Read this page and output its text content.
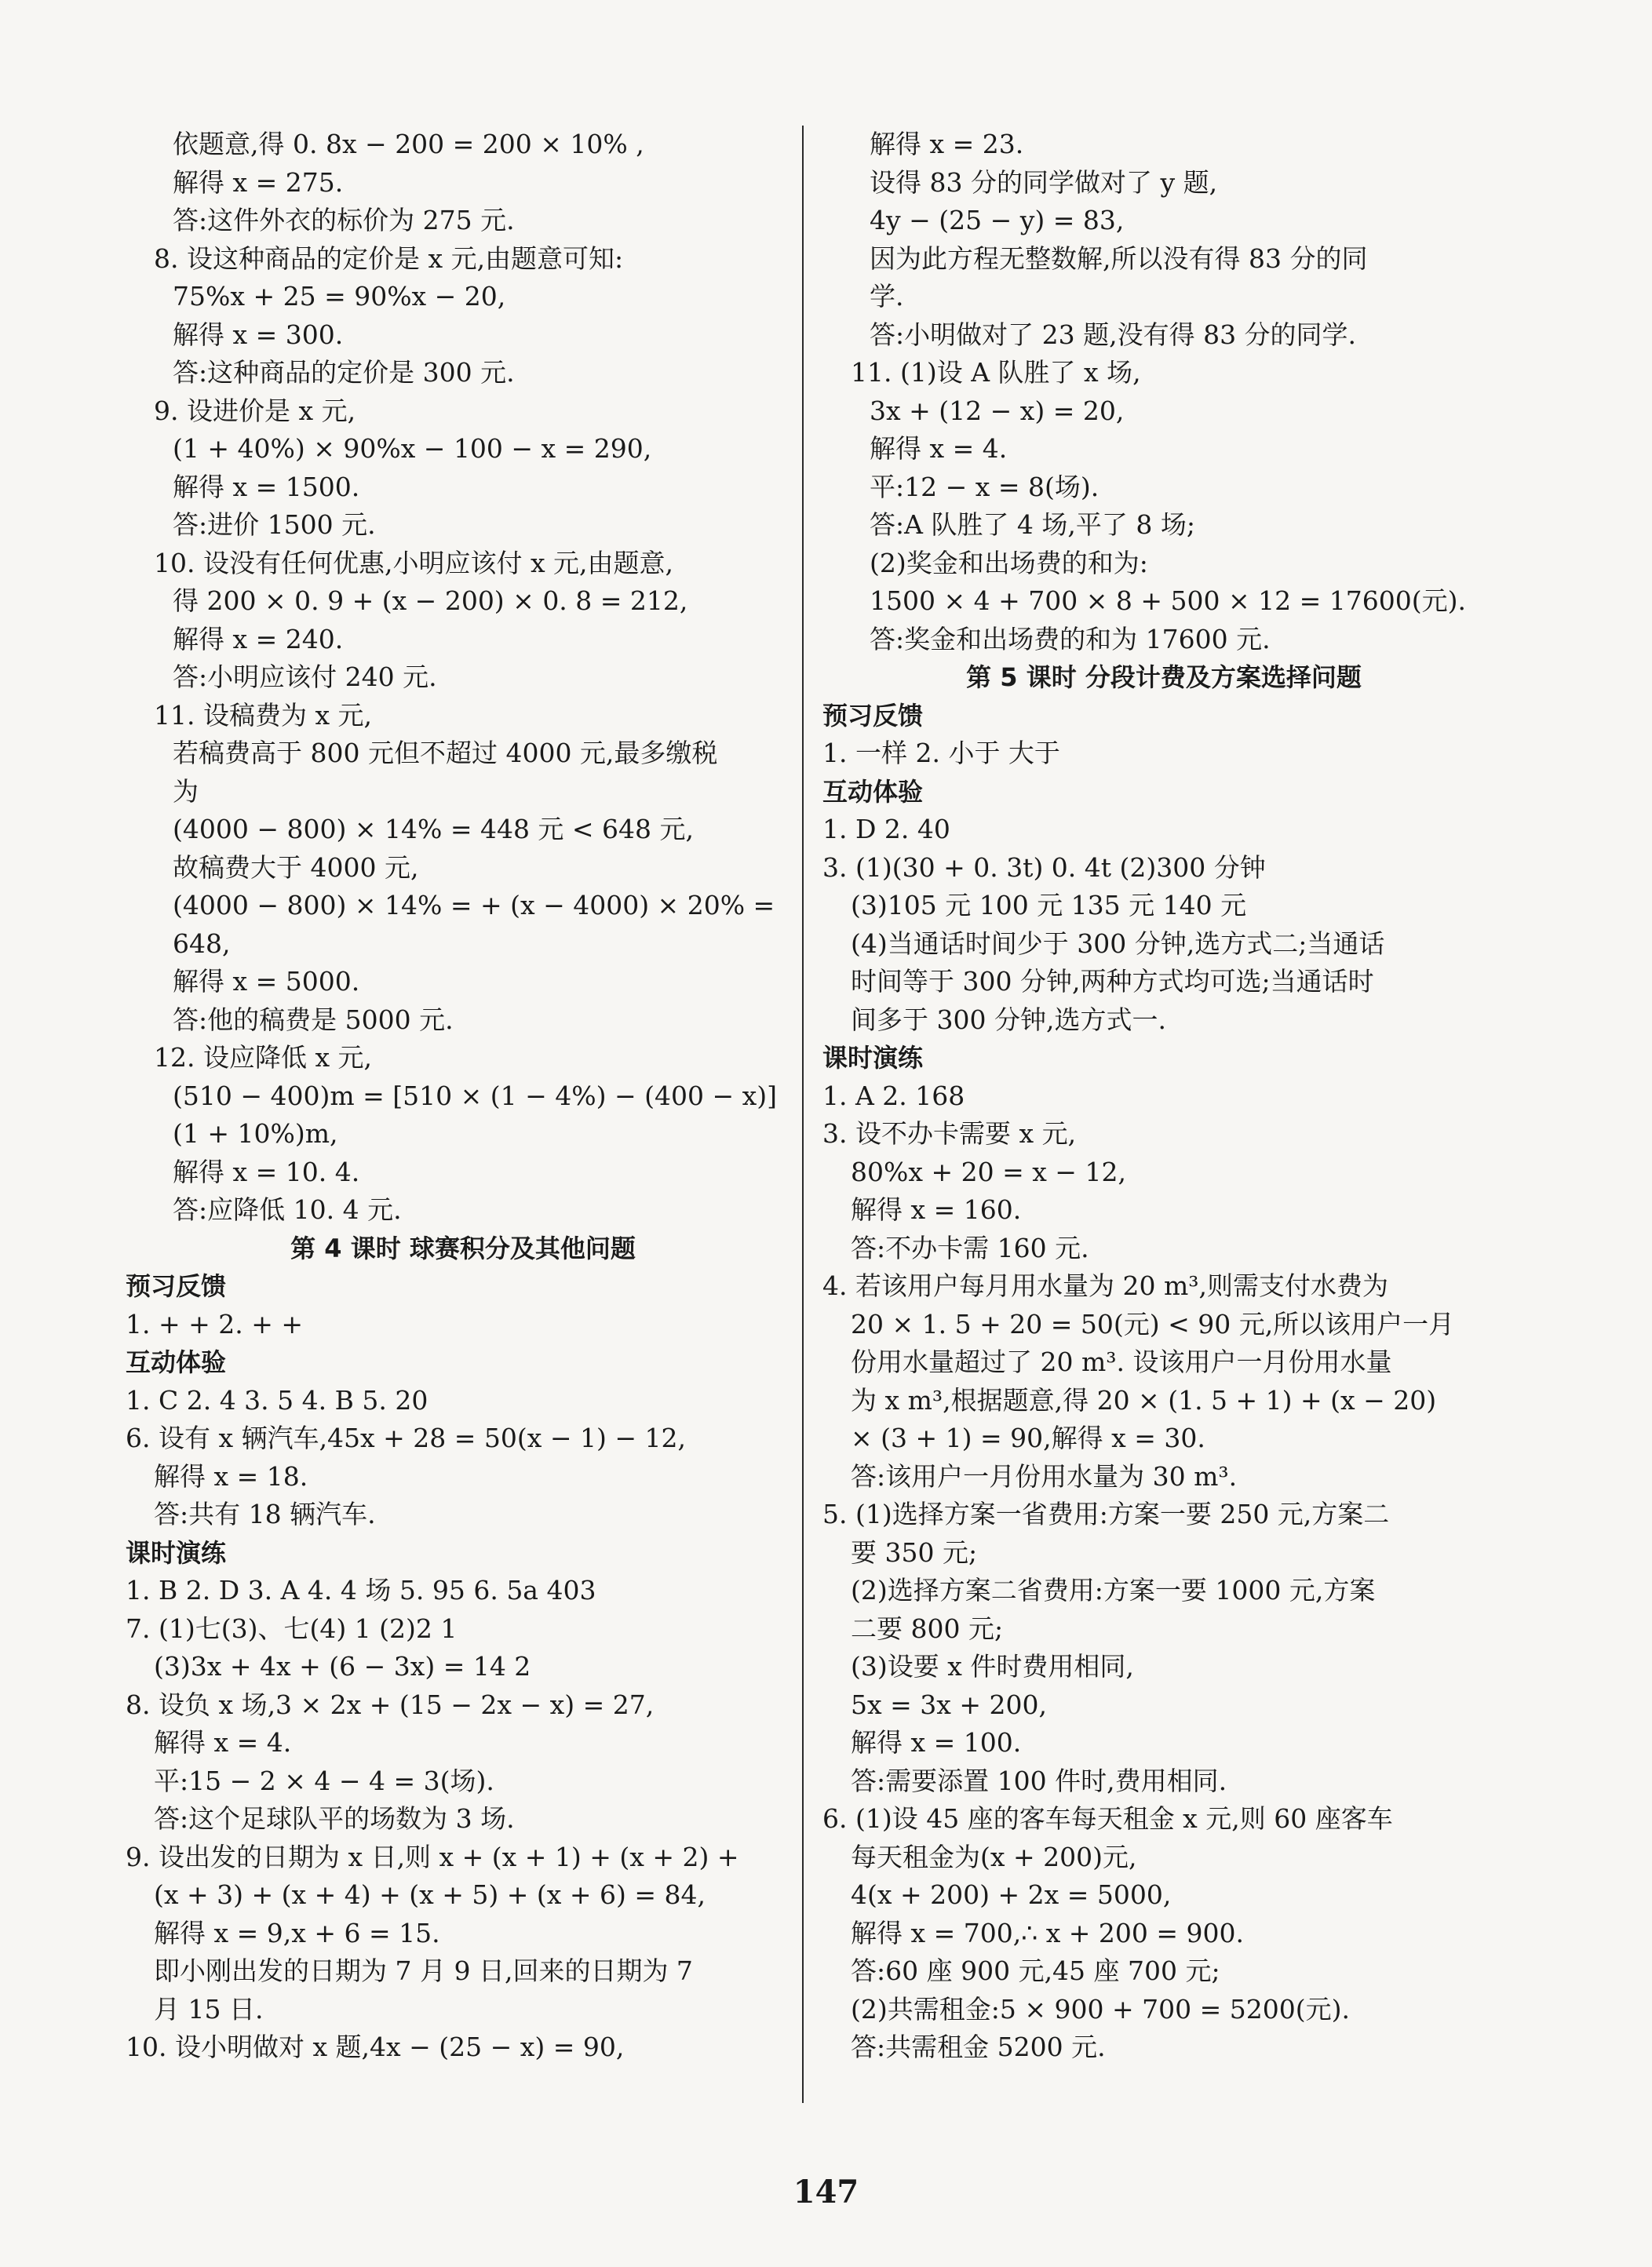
依题意,得 0. 8x − 200 = 200 × 10% ,
解得 x = 275.
答:这件外衣的标价为 275 元.
8. 设这种商品的定价是 x 元,由题意可知:
75%x + 25 = 90%x − 20,
解得 x = 300.
答:这种商品的定价是 300 元.
9. 设进价是 x 元,
(1 + 40%) × 90%x − 100 − x = 290,
解得 x = 1500.
答:进价 1500 元.
10. 设没有任何优惠,小明应该付 x 元,由题意,
得 200 × 0. 9 + (x − 200) × 0. 8 = 212,
解得 x = 240.
答:小明应该付 240 元.
11. 设稿费为 x 元,
若稿费高于 800 元但不超过 4000 元,最多缴税
为
(4000 − 800) × 14% = 448 元 < 648 元,
故稿费大于 4000 元,
(4000 − 800) × 14% = + (x − 4000) × 20% =
648,
解得 x = 5000.
答:他的稿费是 5000 元.
12. 设应降低 x 元,
(510 − 400)m = [510 × (1 − 4%) − (400 − x)]
(1 + 10%)m,
解得 x = 10. 4.
答:应降低 10. 4 元.
第 4 课时 球赛积分及其他问题
预习反馈
1. + + 2. + +
互动体验
1. C 2. 4 3. 5 4. B 5. 20
6. 设有 x 辆汽车,45x + 28 = 50(x − 1) − 12,
解得 x = 18.
答:共有 18 辆汽车.
课时演练
1. B 2. D 3. A 4. 4 场 5. 95 6. 5a 403
7. (1)七(3)、七(4) 1 (2)2 1
(3)3x + 4x + (6 − 3x) = 14 2
8. 设负 x 场,3 × 2x + (15 − 2x − x) = 27,
解得 x = 4.
平:15 − 2 × 4 − 4 = 3(场).
答:这个足球队平的场数为 3 场.
9. 设出发的日期为 x 日,则 x + (x + 1) + (x + 2) +
(x + 3) + (x + 4) + (x + 5) + (x + 6) = 84,
解得 x = 9,x + 6 = 15.
即小刚出发的日期为 7 月 9 日,回来的日期为 7
月 15 日.
10. 设小明做对 x 题,4x − (25 − x) = 90,
解得 x = 23.
设得 83 分的同学做对了 y 题,
4y − (25 − y) = 83,
因为此方程无整数解,所以没有得 83 分的同
学.
答:小明做对了 23 题,没有得 83 分的同学.
11. (1)设 A 队胜了 x 场,
3x + (12 − x) = 20,
解得 x = 4.
平:12 − x = 8(场).
答:A 队胜了 4 场,平了 8 场;
(2)奖金和出场费的和为:
1500 × 4 + 700 × 8 + 500 × 12 = 17600(元).
答:奖金和出场费的和为 17600 元.
第 5 课时 分段计费及方案选择问题
预习反馈
1. 一样 2. 小于 大于
互动体验
1. D 2. 40
3. (1)(30 + 0. 3t) 0. 4t (2)300 分钟
(3)105 元 100 元 135 元 140 元
(4)当通话时间少于 300 分钟,选方式二;当通话
时间等于 300 分钟,两种方式均可选;当通话时
间多于 300 分钟,选方式一.
课时演练
1. A 2. 168
3. 设不办卡需要 x 元,
80%x + 20 = x − 12,
解得 x = 160.
答:不办卡需 160 元.
4. 若该用户每月用水量为 20 m³,则需支付水费为
20 × 1. 5 + 20 = 50(元) < 90 元,所以该用户一月
份用水量超过了 20 m³. 设该用户一月份用水量
为 x m³,根据题意,得 20 × (1. 5 + 1) + (x − 20)
× (3 + 1) = 90,解得 x = 30.
答:该用户一月份用水量为 30 m³.
5. (1)选择方案一省费用:方案一要 250 元,方案二
要 350 元;
(2)选择方案二省费用:方案一要 1000 元,方案
二要 800 元;
(3)设要 x 件时费用相同,
5x = 3x + 200,
解得 x = 100.
答:需要添置 100 件时,费用相同.
6. (1)设 45 座的客车每天租金 x 元,则 60 座客车
每天租金为(x + 200)元,
4(x + 200) + 2x = 5000,
解得 x = 700,∴ x + 200 = 900.
答:60 座 900 元,45 座 700 元;
(2)共需租金:5 × 900 + 700 = 5200(元).
答:共需租金 5200 元.
147
